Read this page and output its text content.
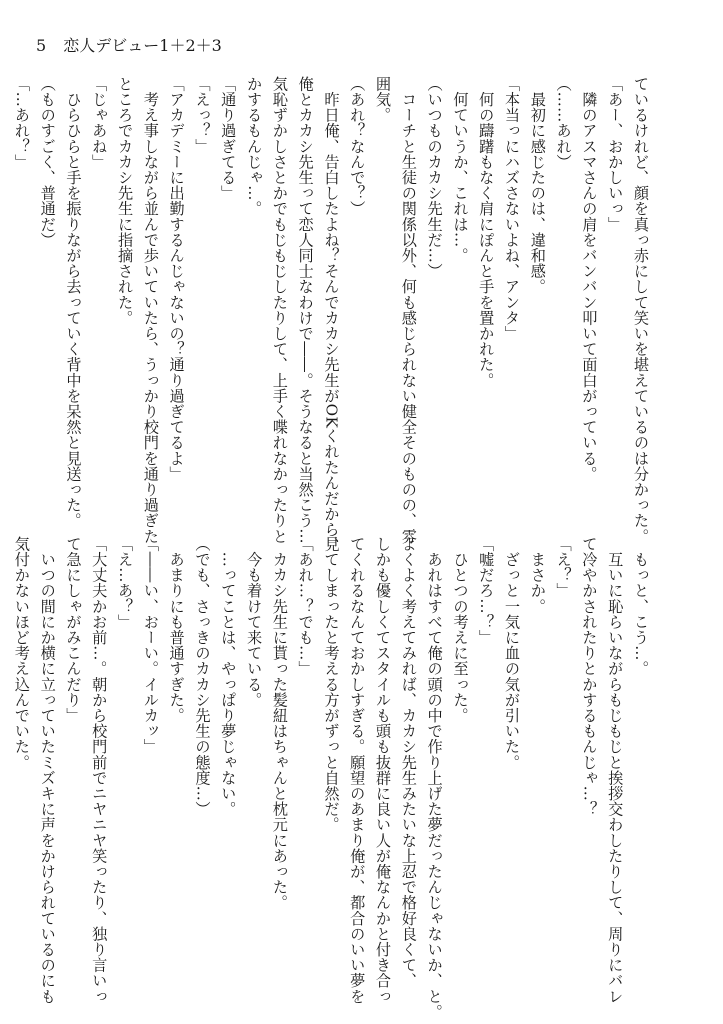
5 恋人デビュー1＋2＋3
ているけれど、顔を真っ赤にして笑いを堪えているのは分かった。
「あー、おかしいっ」
　隣のアスマさんの肩をバンバン叩いて面白がっている。
（……あれ）
　最初に感じたのは、違和感。
「本当っにハズさないよね、アンタ」
　何の躊躇もなく肩にぽんと手を置かれた。
　何ていうか、これは…。
（いつものカカシ先生だ…）
　コーチと生徒の関係以外、何も感じられない健全そのものの、雰
囲気。
（あれ？なんで？）
　昨日俺、告白したよね？そんでカカシ先生がOKくれたんだから、
俺とカカシ先生って恋人同士なわけで――。そうなると当然こう…
気恥ずかしさとかでもじもじしたりして、上手く喋れなかったりと
かするもんじゃ…。
「通り過ぎてる」
「えっ？」
「アカデミーに出勤するんじゃないの？通り過ぎてるよ」
　考え事しながら並んで歩いていたら、うっかり校門を通り過ぎた
ところでカカシ先生に指摘された。
「じゃあね」
　ひらひらと手を振りながら去っていく背中を呆然と見送った。
（ものすごく、普通だ）
「…あれ？」
　もっと、こう…。
　互いに恥らいながらもじもじと挨拶交わしたりして、周りにバレ
て冷やかされたりとかするもんじゃ…？
「え？」
　まさか。
　ざっと一気に血の気が引いた。
「嘘だろ…？」
　ひとつの考えに至った。
　あれはすべて俺の頭の中で作り上げた夢だったんじゃないか、と。
よくよく考えてみれば、カカシ先生みたいな上忍で格好良くて、
しかも優しくてスタイルも頭も抜群に良い人が俺なんかと付き合っ
てくれるなんておかしすぎる。願望のあまり俺が、都合のいい夢を
見てしまったと考える方がずっと自然だ。
「あれ…？でも…」
　カカシ先生に貰った髪紐はちゃんと枕元にあった。
　今も着けて来ている。
　…ってことは、やっぱり夢じゃない。
（でも、さっきのカカシ先生の態度…）
　あまりにも普通すぎた。
「――い、おーい。イルカッ」
「え…あ？」
「大丈夫かお前…。朝から校門前でニヤニヤ笑ったり、独り言いっ
て急にしゃがみこんだり」
　いつの間にか横に立っていたミズキに声をかけられているのにも
気付かないほど考え込んでいた。
